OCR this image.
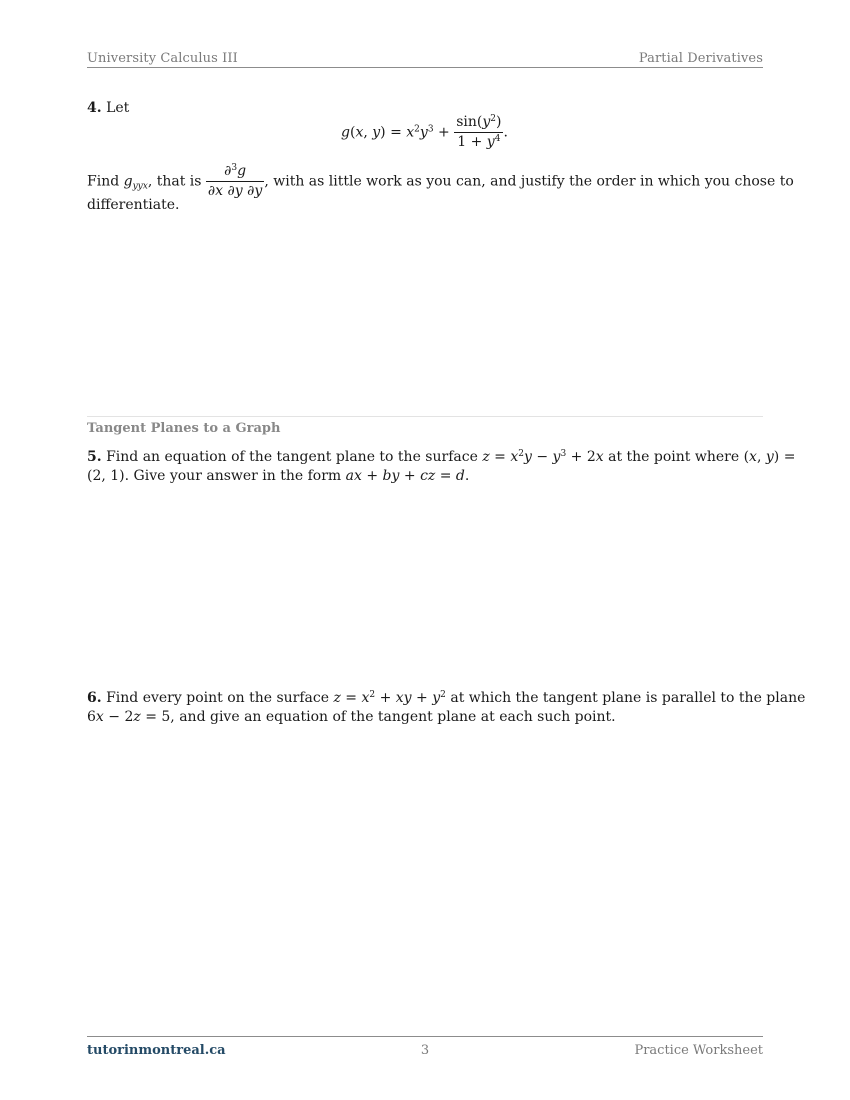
University Calculus III	Partial Derivatives
4. Let
g(x, $y) = x^2y^3 + \frac{\sin(y^2)}{1 + y^4}$ .
Find $g_{yyx}$, that is $\frac{\partial^3g}{\partial x \partial y \partial y}$ , with as little work as you can, and justify the order in which you chose to
differentiate.
Tangent Planes to a Graph
5. Find an equation of the tangent plane to the surface $z = x^2y - y^3 + 2x$ at the point where (x, y) =
(2, 1). Give your answer in the form ax + by + cz = d.
6. Find every point on the surface $z = x^2$ + xy + $y^2$ at which the tangent plane is parallel to the plane
6x − 2z = 5, and give an equation of the tangent plane at each such point.
3
tutorinmontreal.ca	Practice Worksheet
